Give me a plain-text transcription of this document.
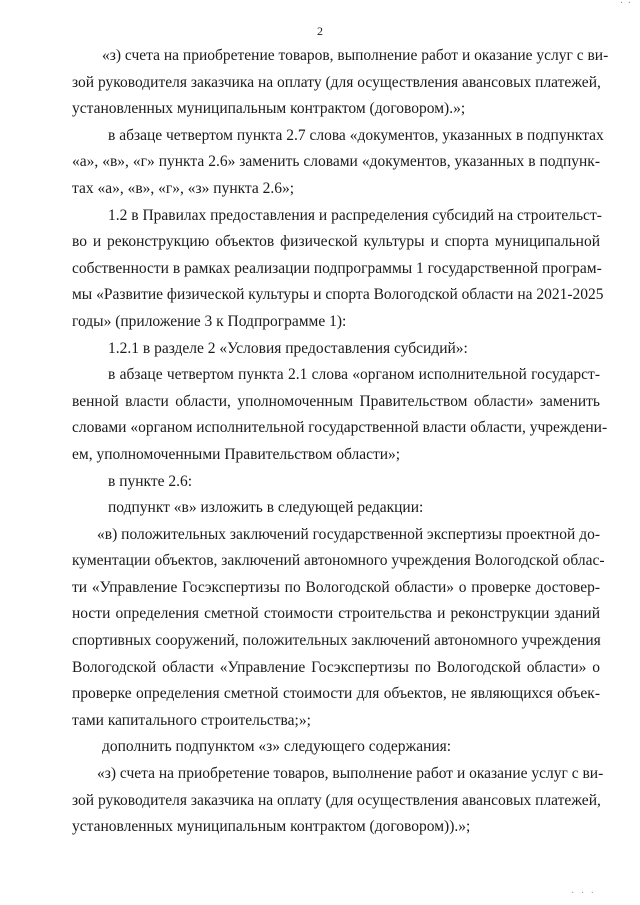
· ·
2
«з) счета на приобретение товаров, выполнение работ и оказание услуг с ви-
зой руководителя заказчика на оплату (для осуществления авансовых платежей,
установленных муниципальным контрактом (договором).»;
в абзаце четвертом пункта 2.7 слова «документов, указанных в подпунктах
«а», «в», «г» пункта 2.6» заменить словами «документов, указанных в подпунк-
тах «а», «в», «г», «з» пункта 2.6»;
1.2 в Правилах предоставления и распределения субсидий на строительст-
во и реконструкцию объектов физической культуры и спорта муниципальной
собственности в рамках реализации подпрограммы 1 государственной програм-
мы «Развитие физической культуры и спорта Вологодской области на 2021-2025
годы» (приложение 3 к Подпрограмме 1):
1.2.1 в разделе 2 «Условия предоставления субсидий»:
в абзаце четвертом пункта 2.1 слова «органом исполнительной государст-
венной власти области, уполномоченным Правительством области» заменить
словами «органом исполнительной государственной власти области, учреждени-
ем, уполномоченными Правительством области»;
в пункте 2.6:
подпункт «в» изложить в следующей редакции:
«в) положительных заключений государственной экспертизы проектной до-
кументации объектов, заключений автономного учреждения Вологодской облас-
ти «Управление Госэкспертизы по Вологодской области» о проверке достовер-
ности определения сметной стоимости строительства и реконструкции зданий
спортивных сооружений, положительных заключений автономного учреждения
Вологодской области «Управление Госэкспертизы по Вологодской области» о
проверке определения сметной стоимости для объектов, не являющихся объек-
тами капитального строительства;»;
дополнить подпунктом «з» следующего содержания:
«з) счета на приобретение товаров, выполнение работ и оказание услуг с ви-
зой руководителя заказчика на оплату (для осуществления авансовых платежей,
установленных муниципальным контрактом (договором)).»;
· · ·
